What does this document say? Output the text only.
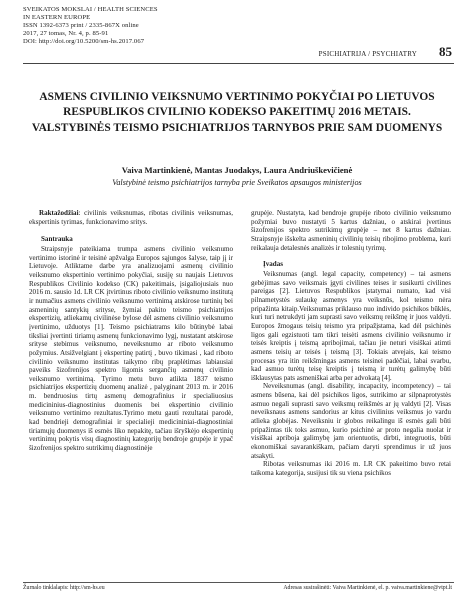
SVEIKATOS MOKSLAI / HEALTH SCIENCES
IN EASTERN EUROPE
ISSN 1392-6373 print / 2335-867X online
2017, 27 tomas, Nr. 4, p. 85-91
DOI: http://doi.org/10.5200/sm-hs.2017.067
PSICHIATRIJA / PSYCHIATRY 85
ASMENS CIVILINIO VEIKSNUMO VERTINIMO POKYČIAI PO LIETUVOS RESPUBLIKOS CIVILINIO KODEKSO PAKEITIMŲ 2016 METAIS. VALSTYBINĖS TEISMO PSICHIATRIJOS TARNYBOS PRIE SAM DUOMENYS
Vaiva Martinkienė, Mantas Juodakys, Laura Andriuškevičienė
Valstybinė teismo psichiatrijos tarnyba prie Sveikatos apsaugos ministerijos

Raktažodžiai: civilinis veiksnumas, ribotas civilinis veiksnumas, ekspertinis tyrimas, funkcionavimo sritys.

Santrauka

Straipsnyje pateikiama trumpa asmens civilinio veiksnumo vertinimo istorinė ir teisinė apžvalga Europos sąjungos šalyse, taip jį ir Lietuvoje. Atliktame darbe yra analizuojami asmenų civilinio veiksnumo ekspertinio vertinimo pokyčiai, susiję su naujais Lietuvos Respublikos Civilinio kodekso (CK) pakeitimais, įsigaliojusiais nuo 2016 m. sausio 1d. LR CK įtvirtinus riboto civilinio veiksnumo institutą ir numačius asmens civilinio veiksnumo vertinimą atskirose turtinių bei asmeninių santykių srityse, žymiai pakito teismo psichiatrijos ekspertizių, atliekamų civilinėse bylose dėl asmens civilinio veiksnumo įvertinimo, užduotys [1]. Teismo psichiatrams kilo būtinybė labai tiksliai įvertinti tiriamų asmenų funkcionavimo lygį, nustatant atskirose srityse stebimus veiksnumo, neveiksnumo ar riboto veiksnumo požymius. Atsižvelgiant į ekspertinę patirtį , buvo tikimasi , kad riboto civilinio veiksnumo institutas taikymo ribų praplėtimas labiausiai paveiks šizofrenijos spektro ligomis sergančių asmenų civilinio veiksnumo vertinimą. Tyrimo metu buvo atlikta 1837 teismo psichiatrijos ekspertizių duomenų analizė , palyginant 2013 m. ir 2016 m. bendruosius tirtų asmenų demografinius ir specialiuosius medicininius-diagnostinius duomenis bei ekspertinio civilinio veiksnumo vertinimo rezultatus.Tyrimo metu gauti rezultatai parodė, kad bendrieji demografiniai ir specialieji medicininiai-diagnostiniai tiriamųjų duomenys iš esmės liko nepakitę, tačiau išryškėjo ekspertinių vertinimų pokytis visų diagnostinių kategorijų bendroje grupėje ir ypač šizofrenijos spektro sutrikimų diagnostinėje

grupėje. Nustatyta, kad bendroje grupėje riboto civilinio veiksnumo požymiai buvo nustatyti 5 kartus dažniau, o atskirai įvertinus šizofrenijos spektro sutrikimų grupėje – net 8 kartus dažniau. Straipsnyje išskelta asmeninių civilinių teisių ribojimo problema, kuri reikalauja detalesnės analizės ir tolesnių tyrimų.

Įvadas

Veiksnumas (angl. legal capacity, competency) – tai asmens gebėjimas savo veiksmais įgyti civilines teises ir susikurti civilines pareigas [2]. Lietuvos Respublikos įstatymai numato, kad visi pilnametystės sulaukę asmenys yra veiksnūs, kol teismo nėra pripažinta kitaip.Veiksnumas priklauso nuo individo psichikos būklės, kuri turi netrukdyti jam suprasti savo veiksmų reikšmę ir juos valdyti. Europos žmogaus teisių teismo yra pripažįstama, kad dėl psichinės ligos gali egzistuoti tam tikri teisėti asmens civilinio veiksnumo ir teisės kreiptis į teismą apribojimai, tačiau jie neturi visiškai atimti asmens teisių ar teisės į teismą [3]. Tokiais atvejais, kai teismo procesas yra itin reikšmingas asmens teisinei padėčiai, labai svarbu, kad asmuo turėtų teisę kreiptis į teismą ir turėtų galimybę būti išklausytas pats asmeniškai arba per advokatą [4].

Neveiksnumas (angl. disability, incapacity, incompetency) – tai asmens būsena, kai dėl psichikos ligos, sutrikimo ar silpnaprotystės asmuo negali suprasti savo veiksmų reikšmės ar jų valdyti [2]. Visas neveiksnaus asmens sandorius ar kitus civilinius veiksmus jo vardu atlieka globėjas. Neveiksniu ir globos reikalingu iš esmės gali būti pripažintas tik toks asmuo, kurio psichinė ar proto negalia nuolat ir visiškai apriboja galimybę jam orientuotis, dirbti, integruotis, būti ekonomiškai savarankiškam, pačiam daryti sprendimus ir už juos atsakyti.

Ribotas veiksnumas iki 2016 m. LR CK pakeitimo buvo retai taikoma kategorija, susijusi tik su viena psichikos

Žurnalo tinklalapis: http://sm-hs.eu	Adresas susirašinėti: Vaiva Martinkienė, el. p. vaiva.martinkiene@vtpt.lt
